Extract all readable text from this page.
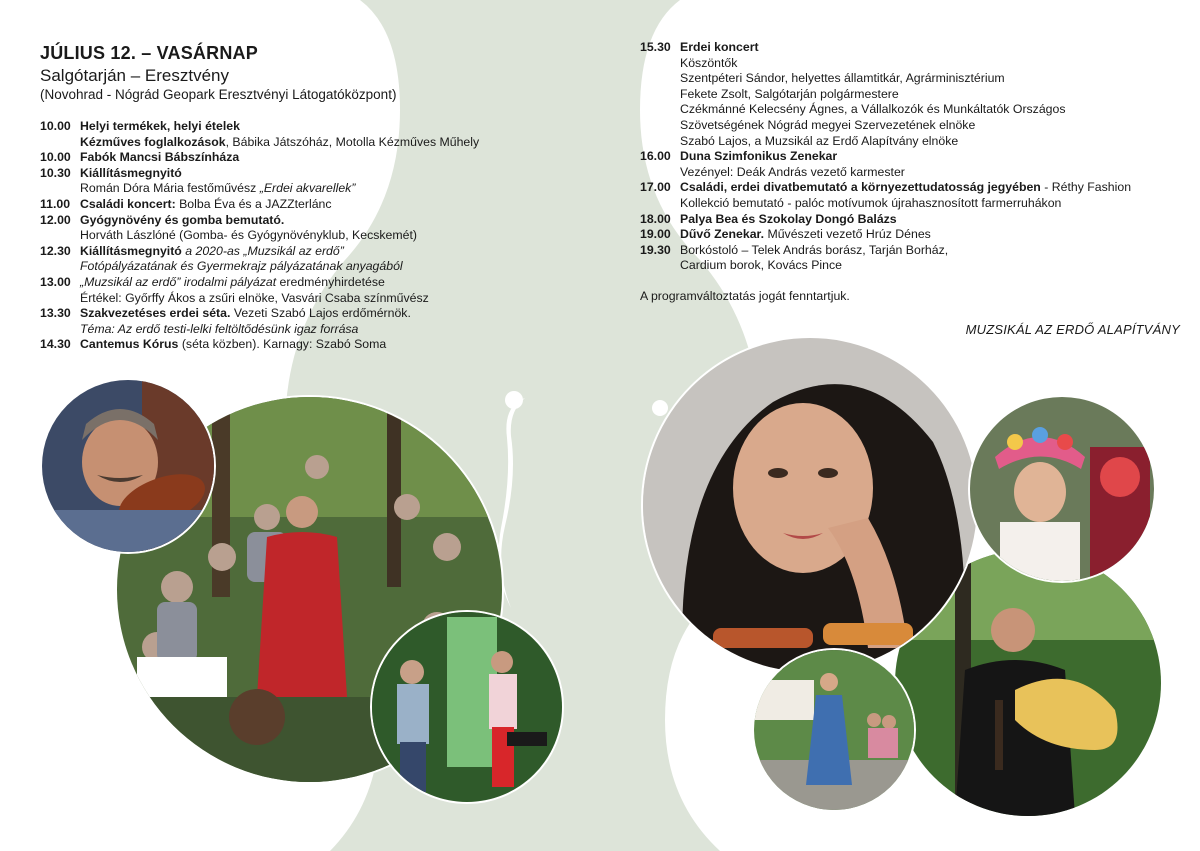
JÚLIUS 12. – VASÁRNAP
Salgótarján – Eresztvény
(Novohrad - Nógrád Geopark Eresztvényi Látogatóközpont)
10.00 Helyi termékek, helyi ételek
Kézműves foglalkozások, Bábika Játszóház, Motolla Kézműves Műhely
10.00 Fabók Mancsi Bábszínháza
10.30 Kiállításmegnyitó
Román Dóra Mária festőművész „Erdei akvarellek”
11.00 Családi koncert: Bolba Éva és a JAZZterlánc
12.00 Gyógynövény és gomba bemutató.
Horváth Lászlóné (Gomba- és Gyógynövényklub, Kecskemét)
12.30 Kiállításmegnyitó a 2020-as „Muzsikál az erdő”
Fotópályázatának és Gyermekrajz pályázatának anyagából
13.00 „Muzsikál az erdő” irodalmi pályázat eredményhirdetése
Értékel: Győrffy Ákos a zsűri elnöke, Vasvári Csaba színművész
13.30 Szakvezetéses erdei séta. Vezeti Szabó Lajos erdőmérnök.
Téma: Az erdő testi-lelki feltöltődésünk igaz forrása
14.30 Cantemus Kórus (séta közben). Karnagy: Szabó Soma
15.30 Erdei koncert
Köszöntők
Szentpéteri Sándor, helyettes államtitkár, Agrárminisztérium
Fekete Zsolt, Salgótarján polgármestere
Czékmánné Kelecsény Ágnes, a Vállalkozók és Munkáltatók Országos
Szövetségének Nógrád megyei Szervezetének elnöke
Szabó Lajos, a Muzsikál az Erdő Alapítvány elnöke
16.00 Duna Szimfonikus Zenekar
Vezényel: Deák András vezető karmester
17.00 Családi, erdei divatbemutató a környezettudatosság jegyében - Réthy Fashion
Kollekció bemutató - palóc motívumok újrahasznosított farmerruhákon
18.00 Palya Bea és Szokolay Dongó Balázs
19.00 Dűvő Zenekar. Művészeti vezető Hrúz Dénes
19.30 Borkóstoló – Telek András borász, Tarján Borház,
Cardium borok, Kovács Pince
A programváltoztatás jogát fenntartjuk.
MUZSIKÁL AZ ERDŐ ALAPÍTVÁNY
